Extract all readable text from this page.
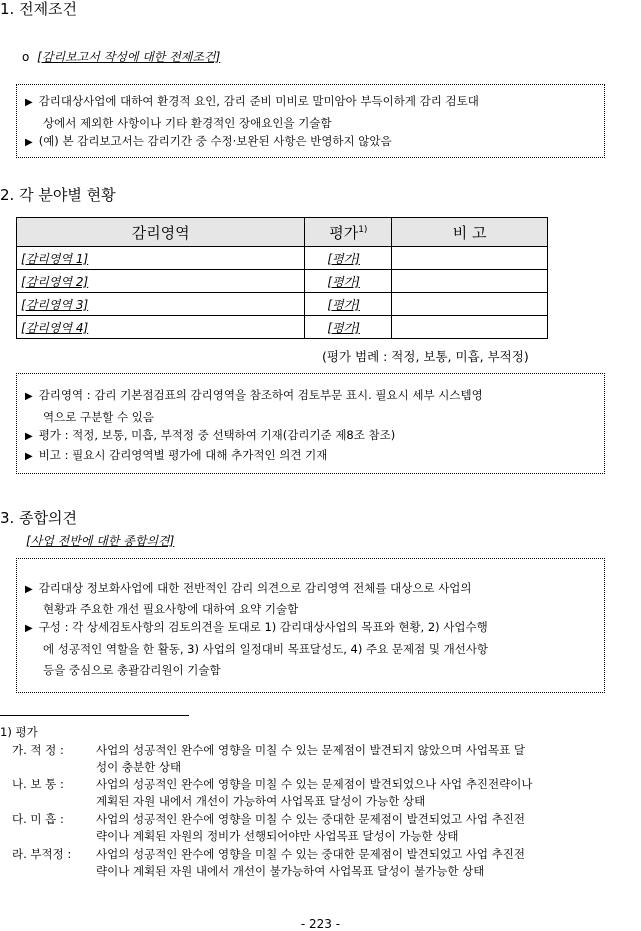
1. 전제조건
o [감리보고서 작성에 대한 전제조건]
▶ 감리대상사업에 대하여 환경적 요인, 감리 준비 미비로 말미암아 부득이하게 감리 검토대
상에서 제외한 사항이나 기타 환경적인 장애요인을 기술함
▶ (예) 본 감리보고서는 감리기간 중 수정·보완된 사항은 반영하지 않았음
2. 각 분야별 현황
감리영역	평가$^{1)}$	비 고
[감리영역 1]	[평가]	
[감리영역 2]	[평가]	
[감리영역 3]	[평가]	
[감리영역 4]	[평가]	
(평가 범례 : 적정, 보통, 미흡, 부적정)
▶ 감리영역 : 감리 기본점검표의 감리영역을 참조하여 검토부문 표시. 필요시 세부 시스템영
역으로 구분할 수 있음
▶ 평가 : 적정, 보통, 미흡, 부적정 중 선택하여 기재(감리기준 제8조 참조)
▶ 비고 : 필요시 감리영역별 평가에 대해 추가적인 의견 기재
3. 종합의견
[사업 전반에 대한 종합의견]
▶ 감리대상 정보화사업에 대한 전반적인 감리 의견으로 감리영역 전체를 대상으로 사업의
현황과 주요한 개선 필요사항에 대하여 요약 기술함
▶ 구성 : 각 상세검토사항의 검토의견을 토대로 1) 감리대상사업의 목표와 현황, 2) 사업수행
에 성공적인 역할을 한 활동, 3) 사업의 일정대비 목표달성도, 4) 주요 문제점 및 개선사항
등을 중심으로 총괄감리원이 기술함
1) 평가
가. 적 정 :	사업의 성공적인 완수에 영향을 미칠 수 있는 문제점이 발견되지 않았으며 사업목표 달
성이 충분한 상태
나. 보 통 :	사업의 성공적인 완수에 영향을 미칠 수 있는 문제점이 발견되었으나 사업 추진전략이나
계획된 자원 내에서 개선이 가능하여 사업목표 달성이 가능한 상태
다. 미 흡 :	사업의 성공적인 완수에 영향을 미칠 수 있는 중대한 문제점이 발견되었고 사업 추진전
략이나 계획된 자원의 정비가 선행되어야만 사업목표 달성이 가능한 상태
라. 부적정 : 사업의 성공적인 완수에 영향을 미칠 수 있는 중대한 문제점이 발견되었고 사업 추진전
략이나 계획된 자원 내에서 개선이 불가능하여 사업목표 달성이 불가능한 상태
- 223 -
